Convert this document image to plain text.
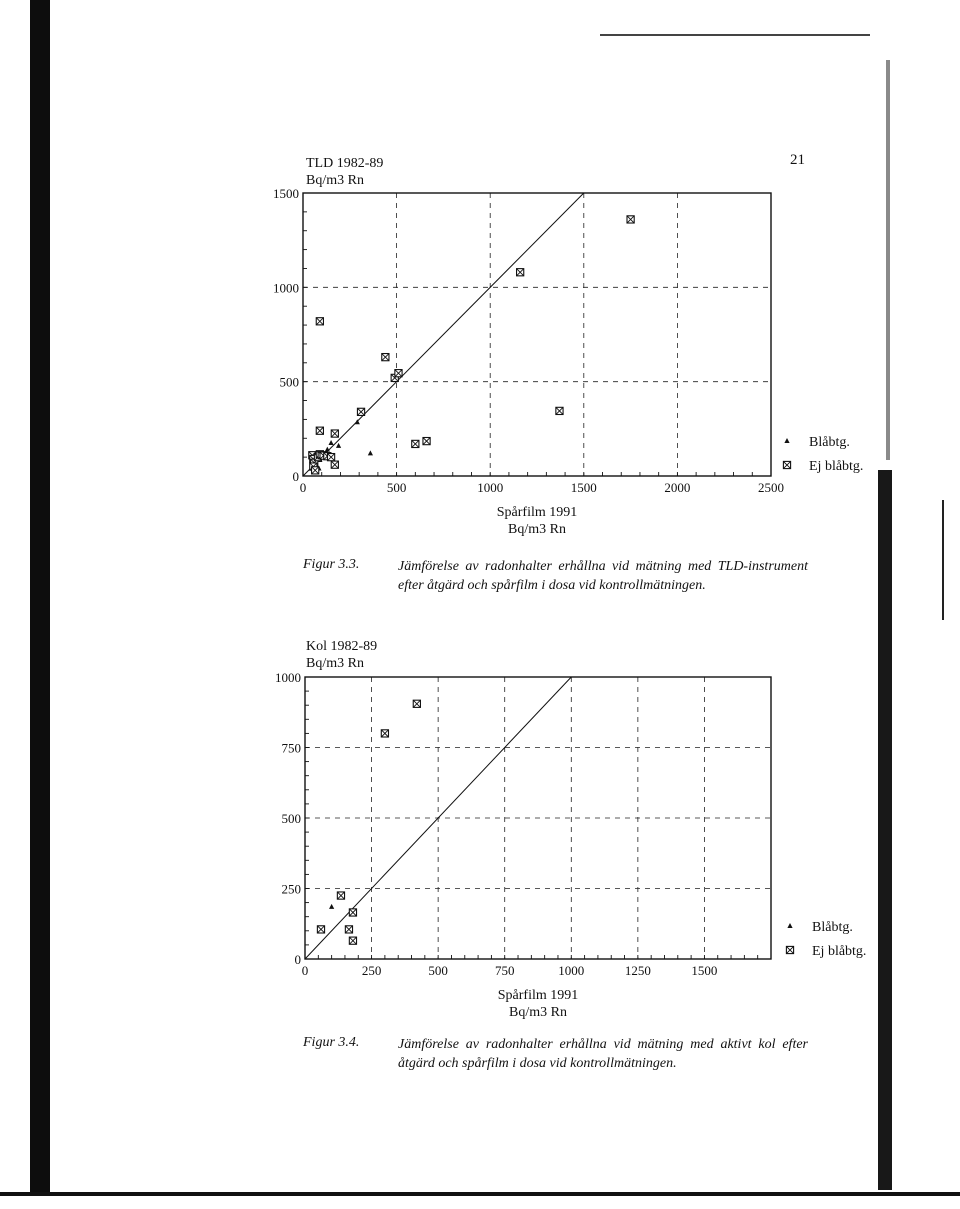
21
TLD 1982-89
Bq/m3 Rn
Kol 1982-89
Bq/m3 Rn
0	500	1000	1500	2000	2500
0
500
1000
1500
Spårfilm 1991
Bq/m3 Rn
Blåbtg.
Ej blåbtg.
0	250	500	750	1000	1250	1500
0
250
500
750
1000
Spårfilm 1991
Bq/m3 Rn
Blåbtg.
Ej blåbtg.
Figur 3.3.	Jämförelse av radonhalter erhållna vid mätning med TLD-instrument efter åtgärd och spårfilm i dosa vid kontrollmätningen.
Figur 3.4.	Jämförelse av radonhalter erhållna vid mätning med aktivt kol efter åtgärd och spårfilm i dosa vid kontrollmätningen.
